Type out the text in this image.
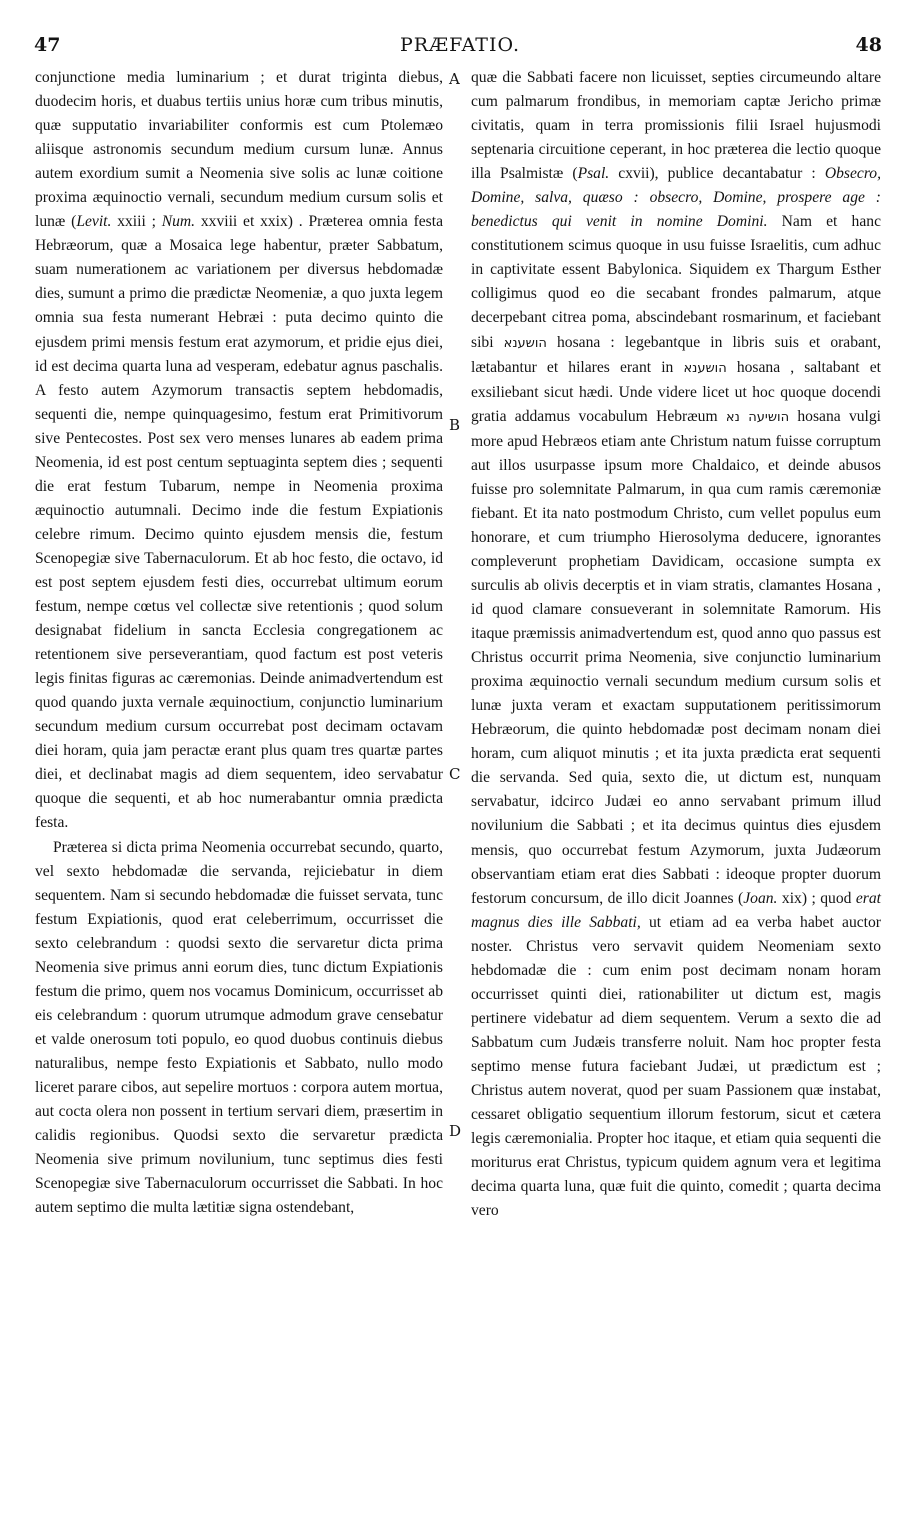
47	PRÆFATIO.	48
A
B
C
D

conjunctione media luminarium ; et durat triginta diebus, duodecim horis, et duabus tertiis unius horæ cum tribus minutis, quæ supputatio invariabiliter conformis est cum Ptolemæo aliisque astronomis secundum medium cursum lunæ. Annus autem exordium sumit a Neomenia sive solis ac lunæ coitione proxima æquinoctio vernali, secundum medium cursum solis et lunæ (Levit. xxiii ; Num. xxviii et xxix) . Præterea omnia festa Hebræorum, quæ a Mosaica lege habentur, præter Sabbatum, suam numerationem ac variationem per diversus hebdomadæ dies, sumunt a primo die prædictæ Neomeniæ, a quo juxta legem omnia sua festa numerant Hebræi : puta decimo quinto die ejusdem primi mensis festum erat azymorum, et pridie ejus diei, id est decima quarta luna ad vesperam, edebatur agnus paschalis. A festo autem Azymorum transactis septem hebdomadis, sequenti die, nempe quinquagesimo, festum erat Primitivorum sive Pentecostes. Post sex vero menses lunares ab eadem prima Neomenia, id est post centum septuaginta septem dies ; sequenti die erat festum Tubarum, nempe in Neomenia proxima æquinoctio autumnali. Decimo inde die festum Expiationis celebre rimum. Decimo quinto ejusdem mensis die, festum Scenopegiæ sive Tabernaculorum. Et ab hoc festo, die octavo, id est post septem ejusdem festi dies, occurrebat ultimum eorum festum, nempe cœtus vel collectæ sive retentionis ; quod solum designabat fidelium in sancta Ecclesia congregationem ac retentionem sive perseverantiam, quod factum est post veteris legis finitas figuras ac cæremonias. Deinde animadvertendum est quod quando juxta vernale æquinoctium, conjunctio luminarium secundum medium cursum occurrebat post decimam octavam diei horam, quia jam peractæ erant plus quam tres quartæ partes diei, et declinabat magis ad diem sequentem, ideo servabatur quoque die sequenti, et ab hoc numerabantur omnia prædicta festa.

Præterea si dicta prima Neomenia occurrebat secundo, quarto, vel sexto hebdomadæ die servanda, rejiciebatur in diem sequentem. Nam si secundo hebdomadæ die fuisset servata, tunc festum Expiationis, quod erat celeberrimum, occurrisset die sexto celebrandum : quodsi sexto die servaretur dicta prima Neomenia sive primus anni eorum dies, tunc dictum Expiationis festum die primo, quem nos vocamus Dominicum, occurrisset ab eis celebrandum : quorum utrumque admodum grave censebatur et valde onerosum toti populo, eo quod duobus continuis diebus naturalibus, nempe festo Expiationis et Sabbato, nullo modo liceret parare cibos, aut sepelire mortuos : corpora autem mortua, aut cocta olera non possent in tertium servari diem, præsertim in calidis regionibus. Quodsi sexto die servaretur prædicta Neomenia sive primum novilunium, tunc septimus dies festi Scenopegiæ sive Tabernaculorum occurrisset die Sabbati. In hoc autem septimo die multa lætitiæ signa ostendebant,

quæ die Sabbati facere non licuisset, septies circumeundo altare cum palmarum frondibus, in memoriam captæ Jericho primæ civitatis, quam in terra promissionis filii Israel hujusmodi septenaria circuitione ceperant, in hoc præterea die lectio quoque illa Psalmistæ (Psal. cxvii), publice decantabatur : Obsecro, Domine, salva, quæso : obsecro, Domine, prospere age : benedictus qui venit in nomine Domini. Nam et hanc constitutionem scimus quoque in usu fuisse Israelitis, cum adhuc in captivitate essent Babylonica. Siquidem ex Thargum Esther colligimus quod eo die secabant frondes palmarum, atque decerpebant citrea poma, abscindebant rosmarinum, et faciebant sibi הושענא hosana : legebantque in libris suis et orabant, lætabantur et hilares erant in הושענא hosana , saltabant et exsiliebant sicut hædi. Unde videre licet ut hoc quoque docendi gratia addamus vocabulum Hebræum הושיעה נא hosana vulgi more apud Hebræos etiam ante Christum natum fuisse corruptum aut illos usurpasse ipsum more Chaldaico, et deinde abusos fuisse pro solemnitate Palmarum, in qua cum ramis cæremoniæ fiebant. Et ita nato postmodum Christo, cum vellet populus eum honorare, et cum triumpho Hierosolyma deducere, ignorantes compleverunt prophetiam Davidicam, occasione sumpta ex surculis ab olivis decerptis et in viam stratis, clamantes Hosana , id quod clamare consueverant in solemnitate Ramorum. His itaque præmissis animadvertendum est, quod anno quo passus est Christus occurrit prima Neomenia, sive conjunctio luminarium proxima æquinoctio vernali secundum medium cursum solis et lunæ juxta veram et exactam supputationem peritissimorum Hebræorum, die quinto hebdomadæ post decimam nonam diei horam, cum aliquot minutis ; et ita juxta prædicta erat sequenti die servanda. Sed quia, sexto die, ut dictum est, nunquam servabatur, idcirco Judæi eo anno servabant primum illud novilunium die Sabbati ; et ita decimus quintus dies ejusdem mensis, quo occurrebat festum Azymorum, juxta Judæorum observantiam etiam erat dies Sabbati : ideoque propter duorum festorum concursum, de illo dicit Joannes (Joan. xix) ; quod erat magnus dies ille Sabbati, ut etiam ad ea verba habet auctor noster. Christus vero servavit quidem Neomeniam sexto hebdomadæ die : cum enim post decimam nonam horam occurrisset quinti diei, rationabiliter ut dictum est, magis pertinere videbatur ad diem sequentem. Verum a sexto die ad Sabbatum cum Judæis transferre noluit. Nam hoc propter festa septimo mense futura faciebant Judæi, ut prædictum est ; Christus autem noverat, quod per suam Passionem quæ instabat, cessaret obligatio sequentium illorum festorum, sicut et cætera legis cæremonialia. Propter hoc itaque, et etiam quia sequenti die moriturus erat Christus, typicum quidem agnum vera et legitima decima quarta luna, quæ fuit die quinto, comedit ; quarta decima vero
